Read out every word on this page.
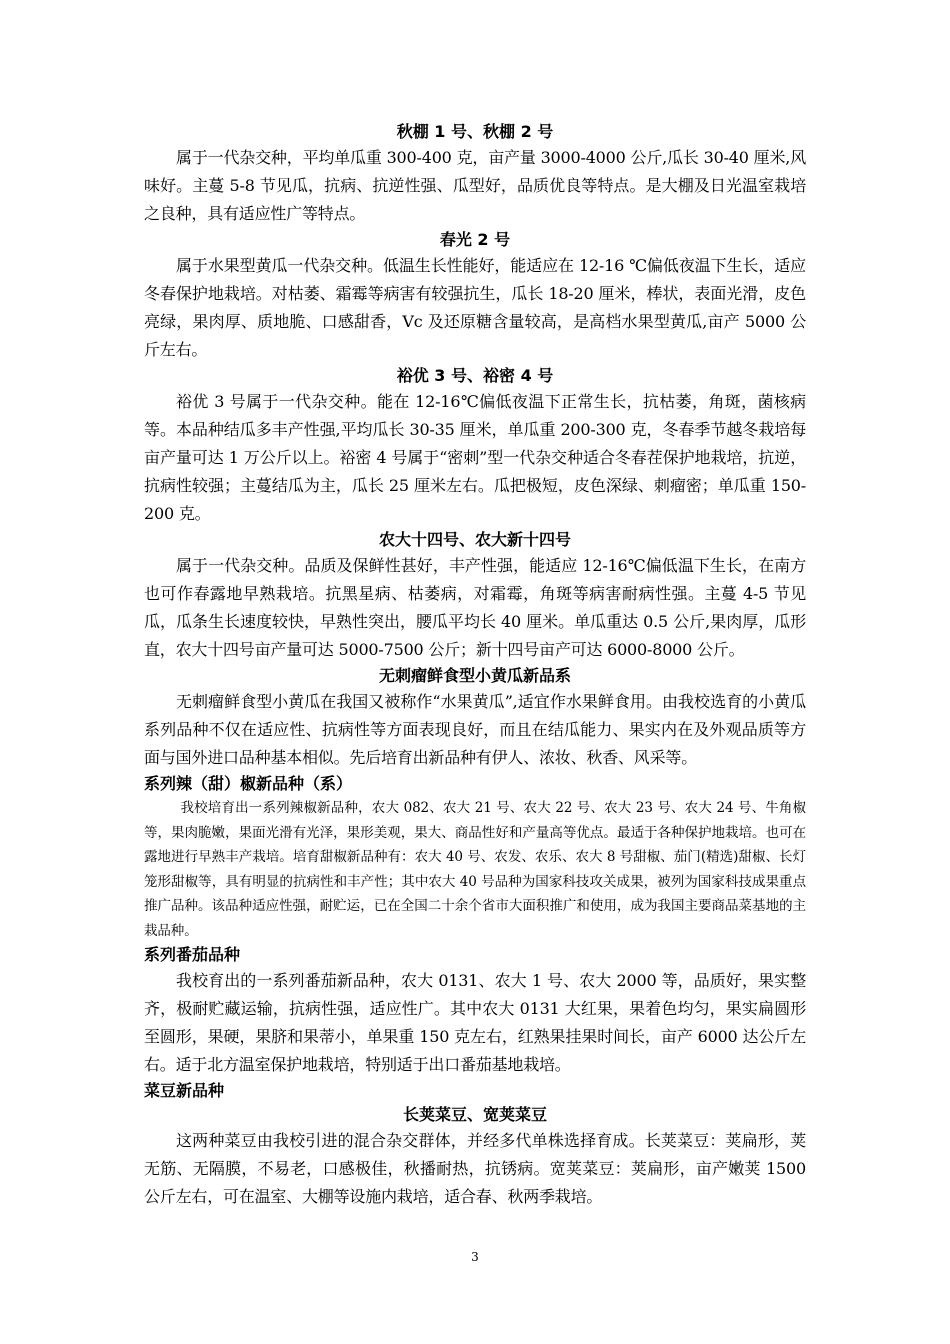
秋棚 1 号、秋棚 2 号

属于一代杂交种，平均单瓜重 300-400 克，亩产量 3000-4000 公斤,瓜长 30-40 厘米,风味好。主蔓 5-8 节见瓜，抗病、抗逆性强、瓜型好，品质优良等特点。是大棚及日光温室栽培之良种，具有适应性广等特点。

春光 2 号

属于水果型黄瓜一代杂交种。低温生长性能好，能适应在 12-16 ℃偏低夜温下生长，适应冬春保护地栽培。对枯萎、霜霉等病害有较强抗生，瓜长 18-20 厘米，棒状，表面光滑，皮色亮绿，果肉厚、质地脆、口感甜香，Vc 及还原糖含量较高，是高档水果型黄瓜,亩产 5000 公斤左右。

裕优 3 号、裕密 4 号

裕优 3 号属于一代杂交种。能在 12-16℃偏低夜温下正常生长，抗枯萎，角斑，菌核病等。本品种结瓜多丰产性强,平均瓜长 30-35 厘米，单瓜重 200-300 克，冬春季节越冬栽培每亩产量可达 1 万公斤以上。裕密 4 号属于“密刺”型一代杂交种适合冬春茬保护地栽培，抗逆，抗病性较强；主蔓结瓜为主，瓜长 25 厘米左右。瓜把极短，皮色深绿、刺瘤密；单瓜重 150-200 克。

农大十四号、农大新十四号

属于一代杂交种。品质及保鲜性甚好，丰产性强，能适应 12-16℃偏低温下生长，在南方也可作春露地早熟栽培。抗黑星病、枯萎病，对霜霉，角斑等病害耐病性强。主蔓 4-5 节见瓜，瓜条生长速度较快，早熟性突出，腰瓜平均长 40 厘米。单瓜重达 0.5 公斤,果肉厚，瓜形直，农大十四号亩产量可达 5000-7500 公斤；新十四号亩产可达 6000-8000 公斤。

无刺瘤鲜食型小黄瓜新品系

无刺瘤鲜食型小黄瓜在我国又被称作“水果黄瓜”,适宜作水果鲜食用。由我校选育的小黄瓜系列品种不仅在适应性、抗病性等方面表现良好，而且在结瓜能力、果实内在及外观品质等方面与国外进口品种基本相似。先后培育出新品种有伊人、浓妆、秋香、风采等。

系列辣（甜）椒新品种（系）

我校培育出一系列辣椒新品种，农大 082、农大 21 号、农大 22 号、农大 23 号、农大 24 号、牛角椒等，果肉脆嫩，果面光滑有光泽，果形美观，果大、商品性好和产量高等优点。最适于各种保护地栽培。也可在露地进行早熟丰产栽培。培育甜椒新品种有：农大 40 号、农发、农乐、农大 8 号甜椒、茄门(精选)甜椒、长灯笼形甜椒等，具有明显的抗病性和丰产性；其中农大 40 号品种为国家科技攻关成果，被列为国家科技成果重点推广品种。该品种适应性强，耐贮运，已在全国二十余个省市大面积推广和使用，成为我国主要商品菜基地的主栽品种。

系列番茄品种

我校育出的一系列番茄新品种，农大 0131、农大 1 号、农大 2000 等，品质好，果实整齐，极耐贮藏运输，抗病性强，适应性广。其中农大 0131 大红果，果着色均匀，果实扁圆形至圆形，果硬，果脐和果蒂小，单果重 150 克左右，红熟果挂果时间长，亩产 6000 达公斤左右。适于北方温室保护地栽培，特别适于出口番茄基地栽培。

菜豆新品种
长荚菜豆、宽荚菜豆

这两种菜豆由我校引进的混合杂交群体，并经多代单株选择育成。长荚菜豆：荚扁形，荚无筋、无隔膜，不易老，口感极佳，秋播耐热，抗锈病。宽荚菜豆：荚扁形，亩产嫩荚 1500 公斤左右，可在温室、大棚等设施内栽培，适合春、秋两季栽培。

3
